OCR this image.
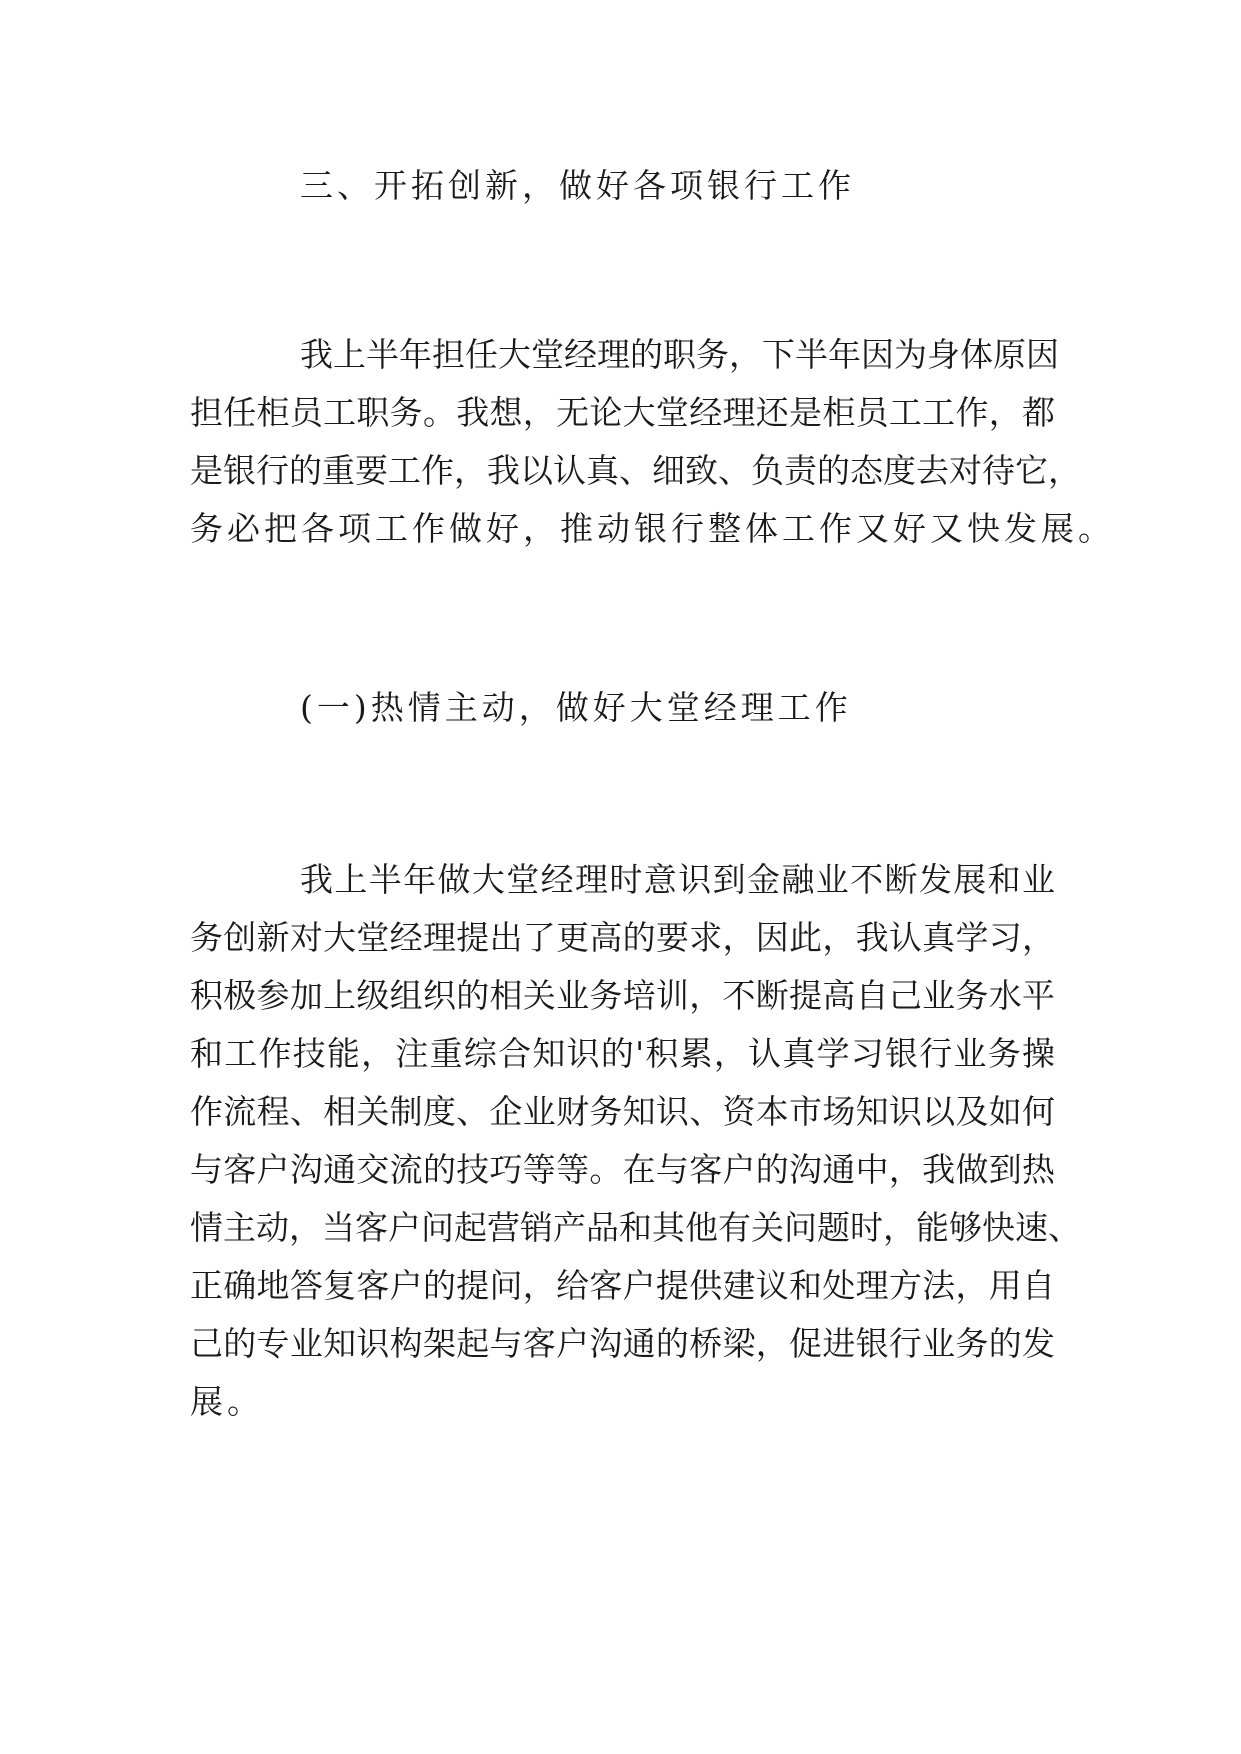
三、开拓创新，做好各项银行工作
我上半年担任大堂经理的职务，下半年因为身体原因
担任柜员工职务。我想，无论大堂经理还是柜员工工作，都
是银行的重要工作，我以认真、细致、负责的态度去对待它，
务必把各项工作做好，推动银行整体工作又好又快发展。
(一)热情主动，做好大堂经理工作
我上半年做大堂经理时意识到金融业不断发展和业
务创新对大堂经理提出了更高的要求，因此，我认真学习，
积极参加上级组织的相关业务培训，不断提高自己业务水平
和工作技能，注重综合知识的'积累，认真学习银行业务操
作流程、相关制度、企业财务知识、资本市场知识以及如何
与客户沟通交流的技巧等等。在与客户的沟通中，我做到热
情主动，当客户问起营销产品和其他有关问题时，能够快速、
正确地答复客户的提问，给客户提供建议和处理方法，用自
己的专业知识构架起与客户沟通的桥梁，促进银行业务的发
展。
